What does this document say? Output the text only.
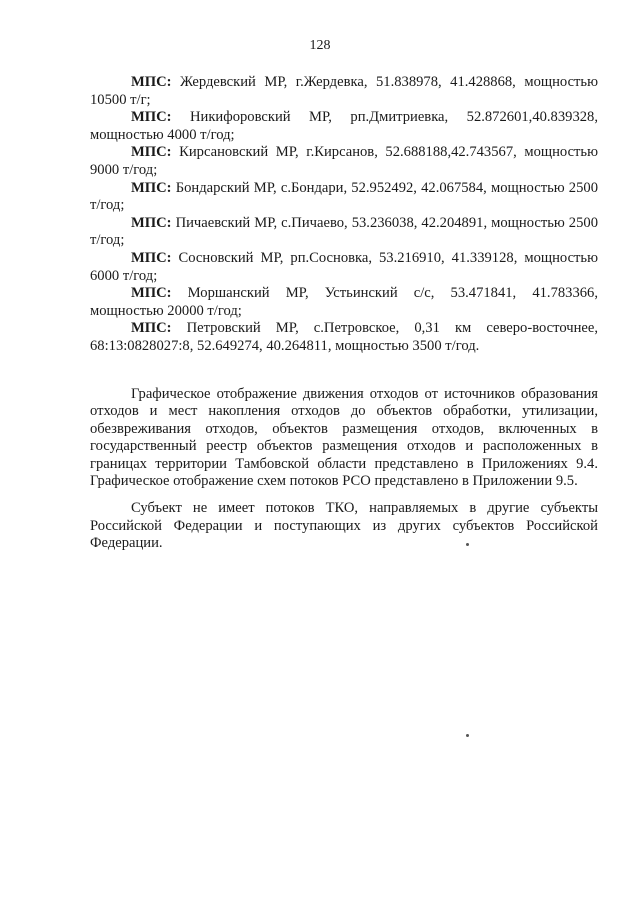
128

МПС: Жердевский МР, г.Жердевка, 51.838978, 41.428868, мощностью 10500 т/г;

МПС: Никифоровский МР, рп.Дмитриевка, 52.872601,40.839328, мощностью 4000 т/год;

МПС: Кирсановский МР, г.Кирсанов, 52.688188,42.743567, мощностью 9000 т/год;

МПС: Бондарский МР, с.Бондари, 52.952492, 42.067584, мощностью 2500 т/год;

МПС: Пичаевский МР, с.Пичаево, 53.236038, 42.204891, мощностью 2500 т/год;

МПС: Сосновский МР, рп.Сосновка, 53.216910, 41.339128, мощностью 6000 т/год;

МПС: Моршанский МР, Устьинский с/с, 53.471841, 41.783366, мощностью 20000 т/год;

МПС: Петровский МР, с.Петровское, 0,31 км северо-восточнее, 68:13:0828027:8, 52.649274, 40.264811, мощностью 3500 т/год.

Графическое отображение движения отходов от источников образования отходов и мест накопления отходов до объектов обработки, утилизации, обезвреживания отходов, объектов размещения отходов, включенных в государственный реестр объектов размещения отходов и расположенных в границах территории Тамбовской области представлено в Приложениях 9.4. Графическое отображение схем потоков РСО представлено в Приложении 9.5.

Субъект не имеет потоков ТКО, направляемых в другие субъекты Российской Федерации и поступающих из других субъектов Российской Федерации.
